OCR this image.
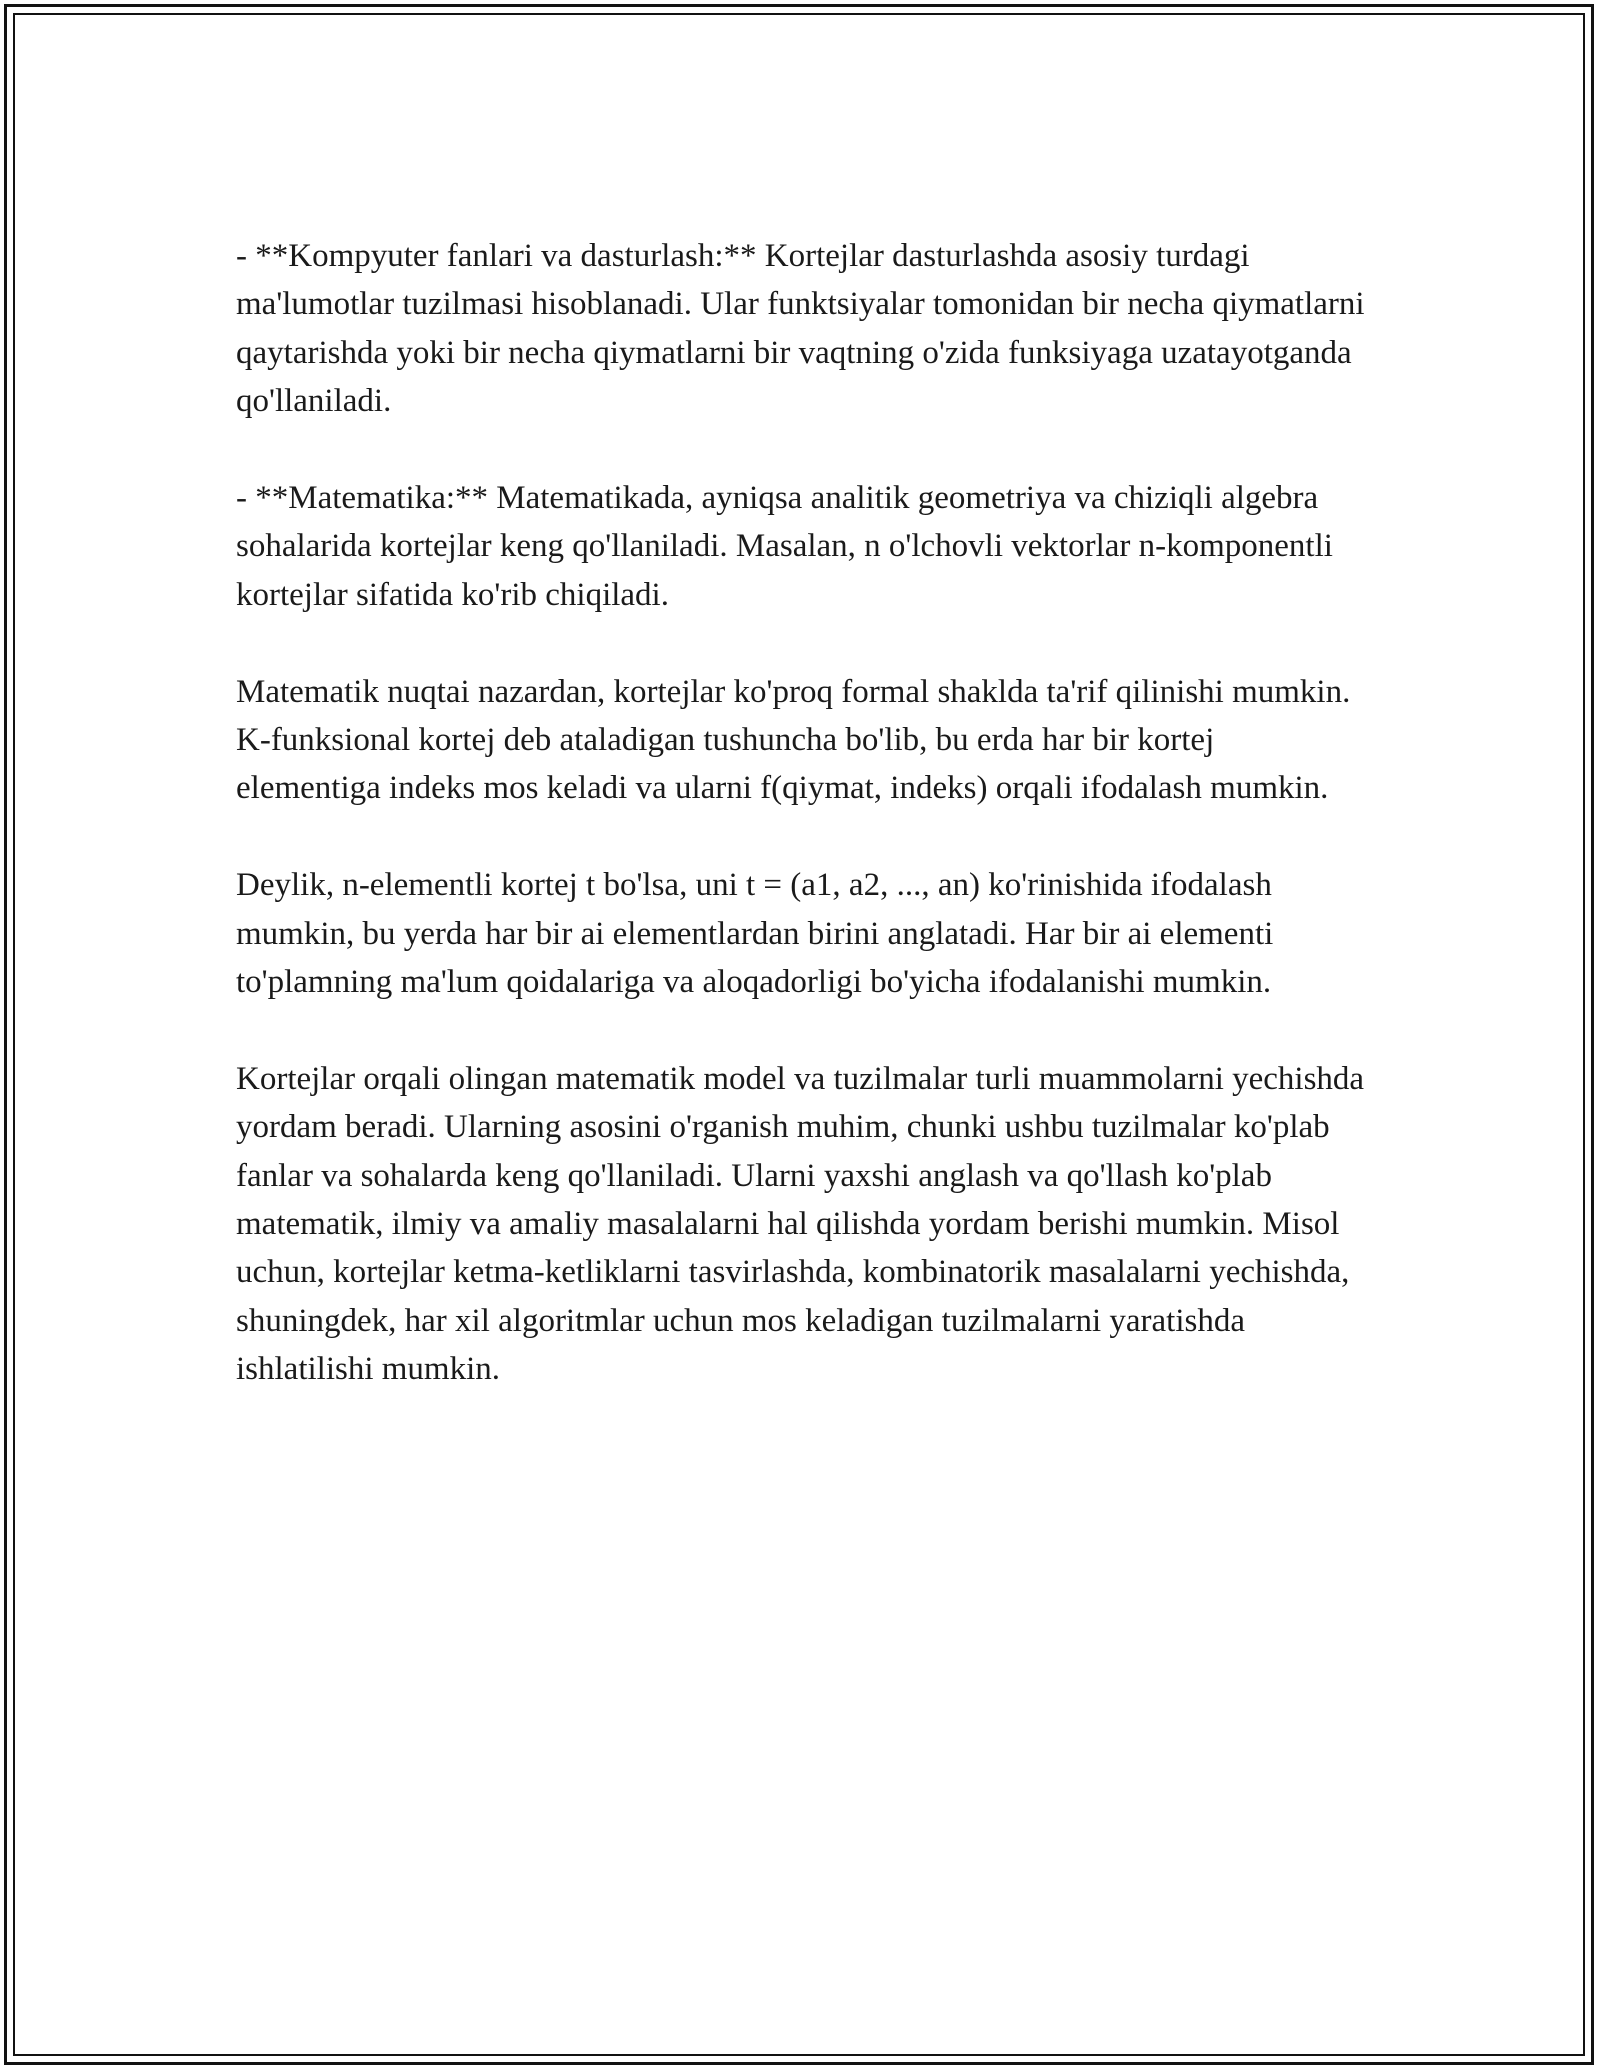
- **Kompyuter fanlari va dasturlash:** Kortejlar dasturlashda asosiy turdagi ma'lumotlar tuzilmasi hisoblanadi. Ular funktsiyalar tomonidan bir necha qiymatlarni qaytarishda yoki bir necha qiymatlarni bir vaqtning o'zida funksiyaga uzatayotganda qo'llaniladi.

- **Matematika:** Matematikada, ayniqsa analitik geometriya va chiziqli algebra sohalarida kortejlar keng qo'llaniladi. Masalan, n o'lchovli vektorlar n-komponentli kortejlar sifatida ko'rib chiqiladi.

Matematik nuqtai nazardan, kortejlar ko'proq formal shaklda ta'rif qilinishi mumkin. K-funksional kortej deb ataladigan tushuncha bo'lib, bu erda har bir kortej elementiga indeks mos keladi va ularni f(qiymat, indeks) orqali ifodalash mumkin.

Deylik, n-elementli kortej t bo'lsa, uni t = (a1, a2, ..., an) ko'rinishida ifodalash mumkin, bu yerda har bir ai elementlardan birini anglatadi. Har bir ai elementi to'plamning ma'lum qoidalariga va aloqadorligi bo'yicha ifodalanishi mumkin.

Kortejlar orqali olingan matematik model va tuzilmalar turli muammolarni yechishda yordam beradi. Ularning asosini o'rganish muhim, chunki ushbu tuzilmalar ko'plab fanlar va sohalarda keng qo'llaniladi. Ularni yaxshi anglash va qo'llash ko'plab matematik, ilmiy va amaliy masalalarni hal qilishda yordam berishi mumkin. Misol uchun, kortejlar ketma-ketliklarni tasvirlashda, kombinatorik masalalarni yechishda, shuningdek, har xil algoritmlar uchun mos keladigan tuzilmalarni yaratishda ishlatilishi mumkin.
